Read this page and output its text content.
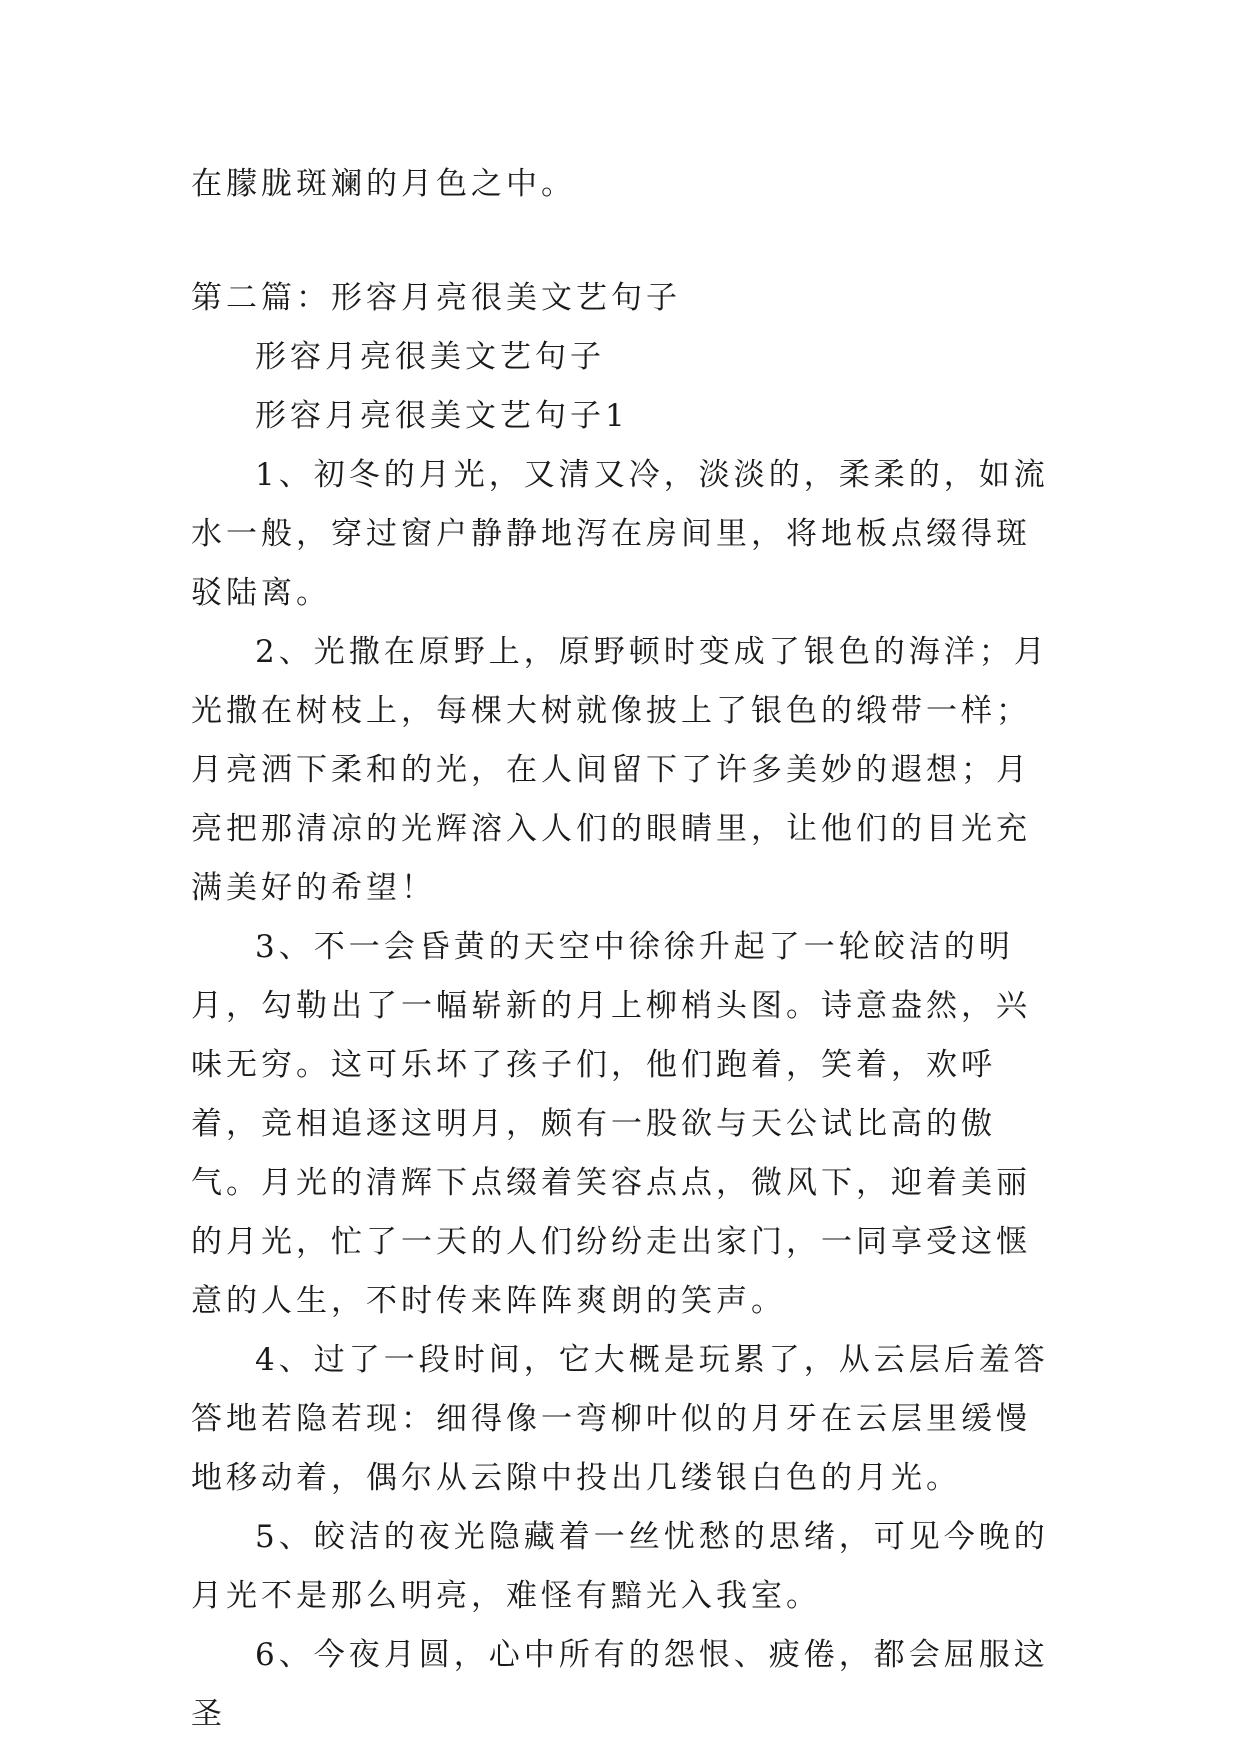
在朦胧斑斓的月色之中。

第二篇：形容月亮很美文艺句子

形容月亮很美文艺句子

形容月亮很美文艺句子1

1、初冬的月光，又清又冷，淡淡的，柔柔的，如流水一般，穿过窗户静静地泻在房间里，将地板点缀得斑驳陆离。

2、光撒在原野上，原野顿时变成了银色的海洋；月光撒在树枝上，每棵大树就像披上了银色的缎带一样；月亮洒下柔和的光，在人间留下了许多美妙的遐想；月亮把那清凉的光辉溶入人们的眼睛里，让他们的目光充满美好的希望！

3、不一会昏黄的天空中徐徐升起了一轮皎洁的明月，勾勒出了一幅崭新的月上柳梢头图。诗意盎然，兴味无穷。这可乐坏了孩子们，他们跑着，笑着，欢呼着，竞相追逐这明月，颇有一股欲与天公试比高的傲气。月光的清辉下点缀着笑容点点，微风下，迎着美丽的月光，忙了一天的人们纷纷走出家门，一同享受这惬意的人生，不时传来阵阵爽朗的笑声。

4、过了一段时间，它大概是玩累了，从云层后羞答答地若隐若现：细得像一弯柳叶似的月牙在云层里缓慢地移动着，偶尔从云隙中投出几缕银白色的月光。

5、皎洁的夜光隐藏着一丝忧愁的思绪，可见今晚的月光不是那么明亮，难怪有黯光入我室。

6、今夜月圆，心中所有的怨恨、疲倦，都会屈服这圣
